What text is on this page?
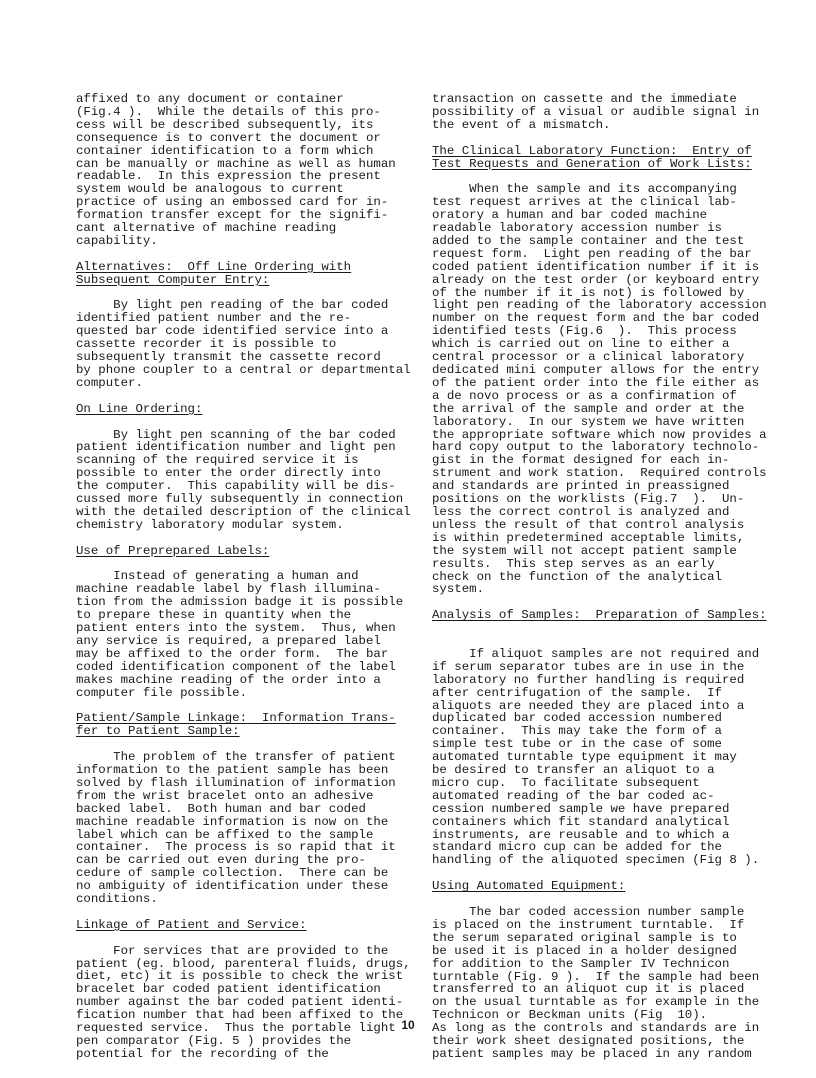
affixed to any document or container
(Fig.4 ).  While the details of this pro-
cess will be described subsequently, its
consequence is to convert the document or
container identification to a form which
can be manually or machine as well as human
readable.  In this expression the present
system would be analogous to current
practice of using an embossed card for in-
formation transfer except for the signifi-
cant alternative of machine reading
capability.

Alternatives:  Off Line Ordering with
Subsequent Computer Entry:

By light pen reading of the bar coded
identified patient number and the re-
quested bar code identified service into a
cassette recorder it is possible to
subsequently transmit the cassette record
by phone coupler to a central or departmental
computer.

On Line Ordering:

By light pen scanning of the bar coded
patient identification number and light pen
scanning of the required service it is
possible to enter the order directly into
the computer.  This capability will be dis-
cussed more fully subsequently in connection
with the detailed description of the clinical
chemistry laboratory modular system.

Use of Preprepared Labels:

Instead of generating a human and
machine readable label by flash illumina-
tion from the admission badge it is possible
to prepare these in quantity when the
patient enters into the system.  Thus, when
any service is required, a prepared label
may be affixed to the order form.  The bar
coded identification component of the label
makes machine reading of the order into a
computer file possible.

Patient/Sample Linkage:  Information Trans-
fer to Patient Sample:

The problem of the transfer of patient
information to the patient sample has been
solved by flash illumination of information
from the wrist bracelet onto an adhesive
backed label.  Both human and bar coded
machine readable information is now on the
label which can be affixed to the sample
container.  The process is so rapid that it
can be carried out even during the pro-
cedure of sample collection.  There can be
no ambiguity of identification under these
conditions.

Linkage of Patient and Service:

For services that are provided to the
patient (eg. blood, parenteral fluids, drugs,
diet, etc) it is possible to check the wrist
bracelet bar coded patient identification
number against the bar coded patient identi-
fication number that had been affixed to the
requested service.  Thus the portable light
pen comparator (Fig. 5 ) provides the
potential for the recording of the

transaction on cassette and the immediate
possibility of a visual or audible signal in
the event of a mismatch.

The Clinical Laboratory Function:  Entry of
Test Requests and Generation of Work Lists:

When the sample and its accompanying
test request arrives at the clinical lab-
oratory a human and bar coded machine
readable laboratory accession number is
added to the sample container and the test
request form.  Light pen reading of the bar
coded patient identification number if it is
already on the test order (or keyboard entry
of the number if it is not) is followed by
light pen reading of the laboratory accession
number on the request form and the bar coded
identified tests (Fig.6  ).  This process
which is carried out on line to either a
central processor or a clinical laboratory
dedicated mini computer allows for the entry
of the patient order into the file either as
a de novo process or as a confirmation of
the arrival of the sample and order at the
laboratory.  In our system we have written
the appropriate software which now provides a
hard copy output to the laboratory technolo-
gist in the format designed for each in-
strument and work station.  Required controls
and standards are printed in preassigned
positions on the worklists (Fig.7  ).  Un-
less the correct control is analyzed and
unless the result of that control analysis
is within predetermined acceptable limits,
the system will not accept patient sample
results.  This step serves as an early
check on the function of the analytical
system.

Analysis of Samples:  Preparation of Samples:

If aliquot samples are not required and
if serum separator tubes are in use in the
laboratory no further handling is required
after centrifugation of the sample.  If
aliquots are needed they are placed into a
duplicated bar coded accession numbered
container.  This may take the form of a
simple test tube or in the case of some
automated turntable type equipment it may
be desired to transfer an aliquot to a
micro cup.  To facilitate subsequent
automated reading of the bar coded ac-
cession numbered sample we have prepared
containers which fit standard analytical
instruments, are reusable and to which a
standard micro cup can be added for the
handling of the aliquoted specimen (Fig 8 ).

Using Automated Equipment:

The bar coded accession number sample
is placed on the instrument turntable.  If
the serum separated original sample is to
be used it is placed in a holder designed
for addition to the Sampler IV Technicon
turntable (Fig. 9 ).  If the sample had been
transferred to an aliquot cup it is placed
on the usual turntable as for example in the
Technicon or Beckman units (Fig  10).
As long as the controls and standards are in
their work sheet designated positions, the
patient samples may be placed in any random

10
